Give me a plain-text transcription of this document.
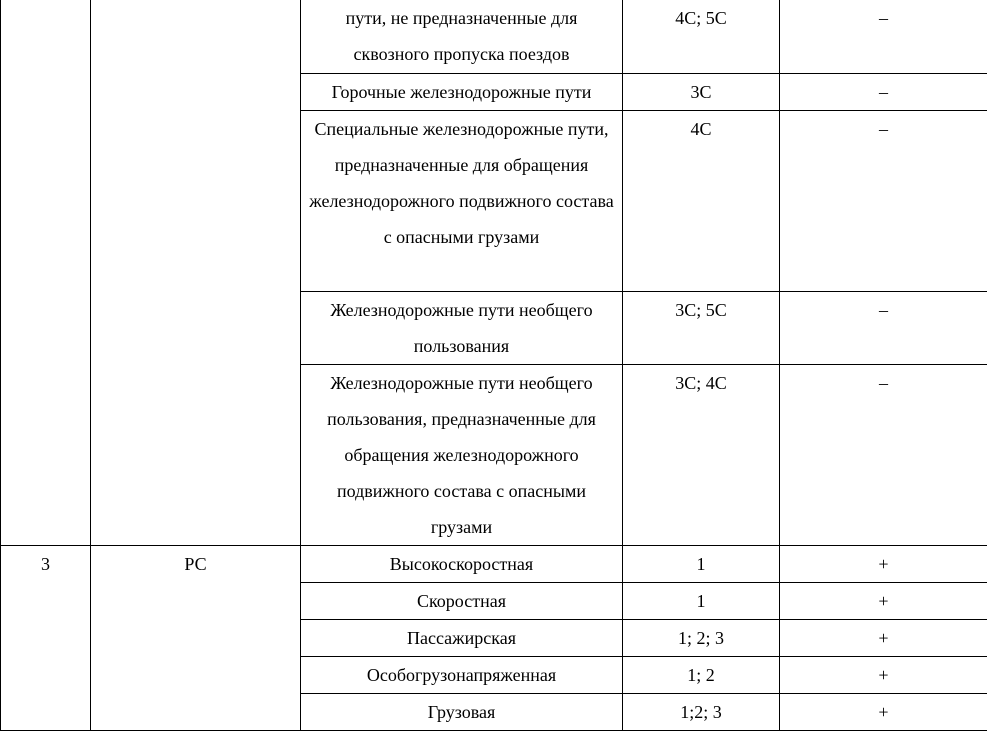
		пути, не предназначенные для сквозного пропуска поездов	4С; 5С	–
		Горочные железнодорожные пути	3С	–
		Специальные железнодорожные пути, предназначенные для обращения железнодорожного подвижного состава с опасными грузами	4С	–
		Железнодорожные пути необщего пользования	3С; 5С	–
		Железнодорожные пути необщего пользования, предназначенные для обращения железнодорожного подвижного состава с опасными грузами	3С; 4С	–
3	РС	Высокоскоростная	1	+
		Скоростная	1	+
		Пассажирская	1; 2; 3	+
		Особогрузонапряженная	1; 2	+
		Грузовая	1;2; 3	+
